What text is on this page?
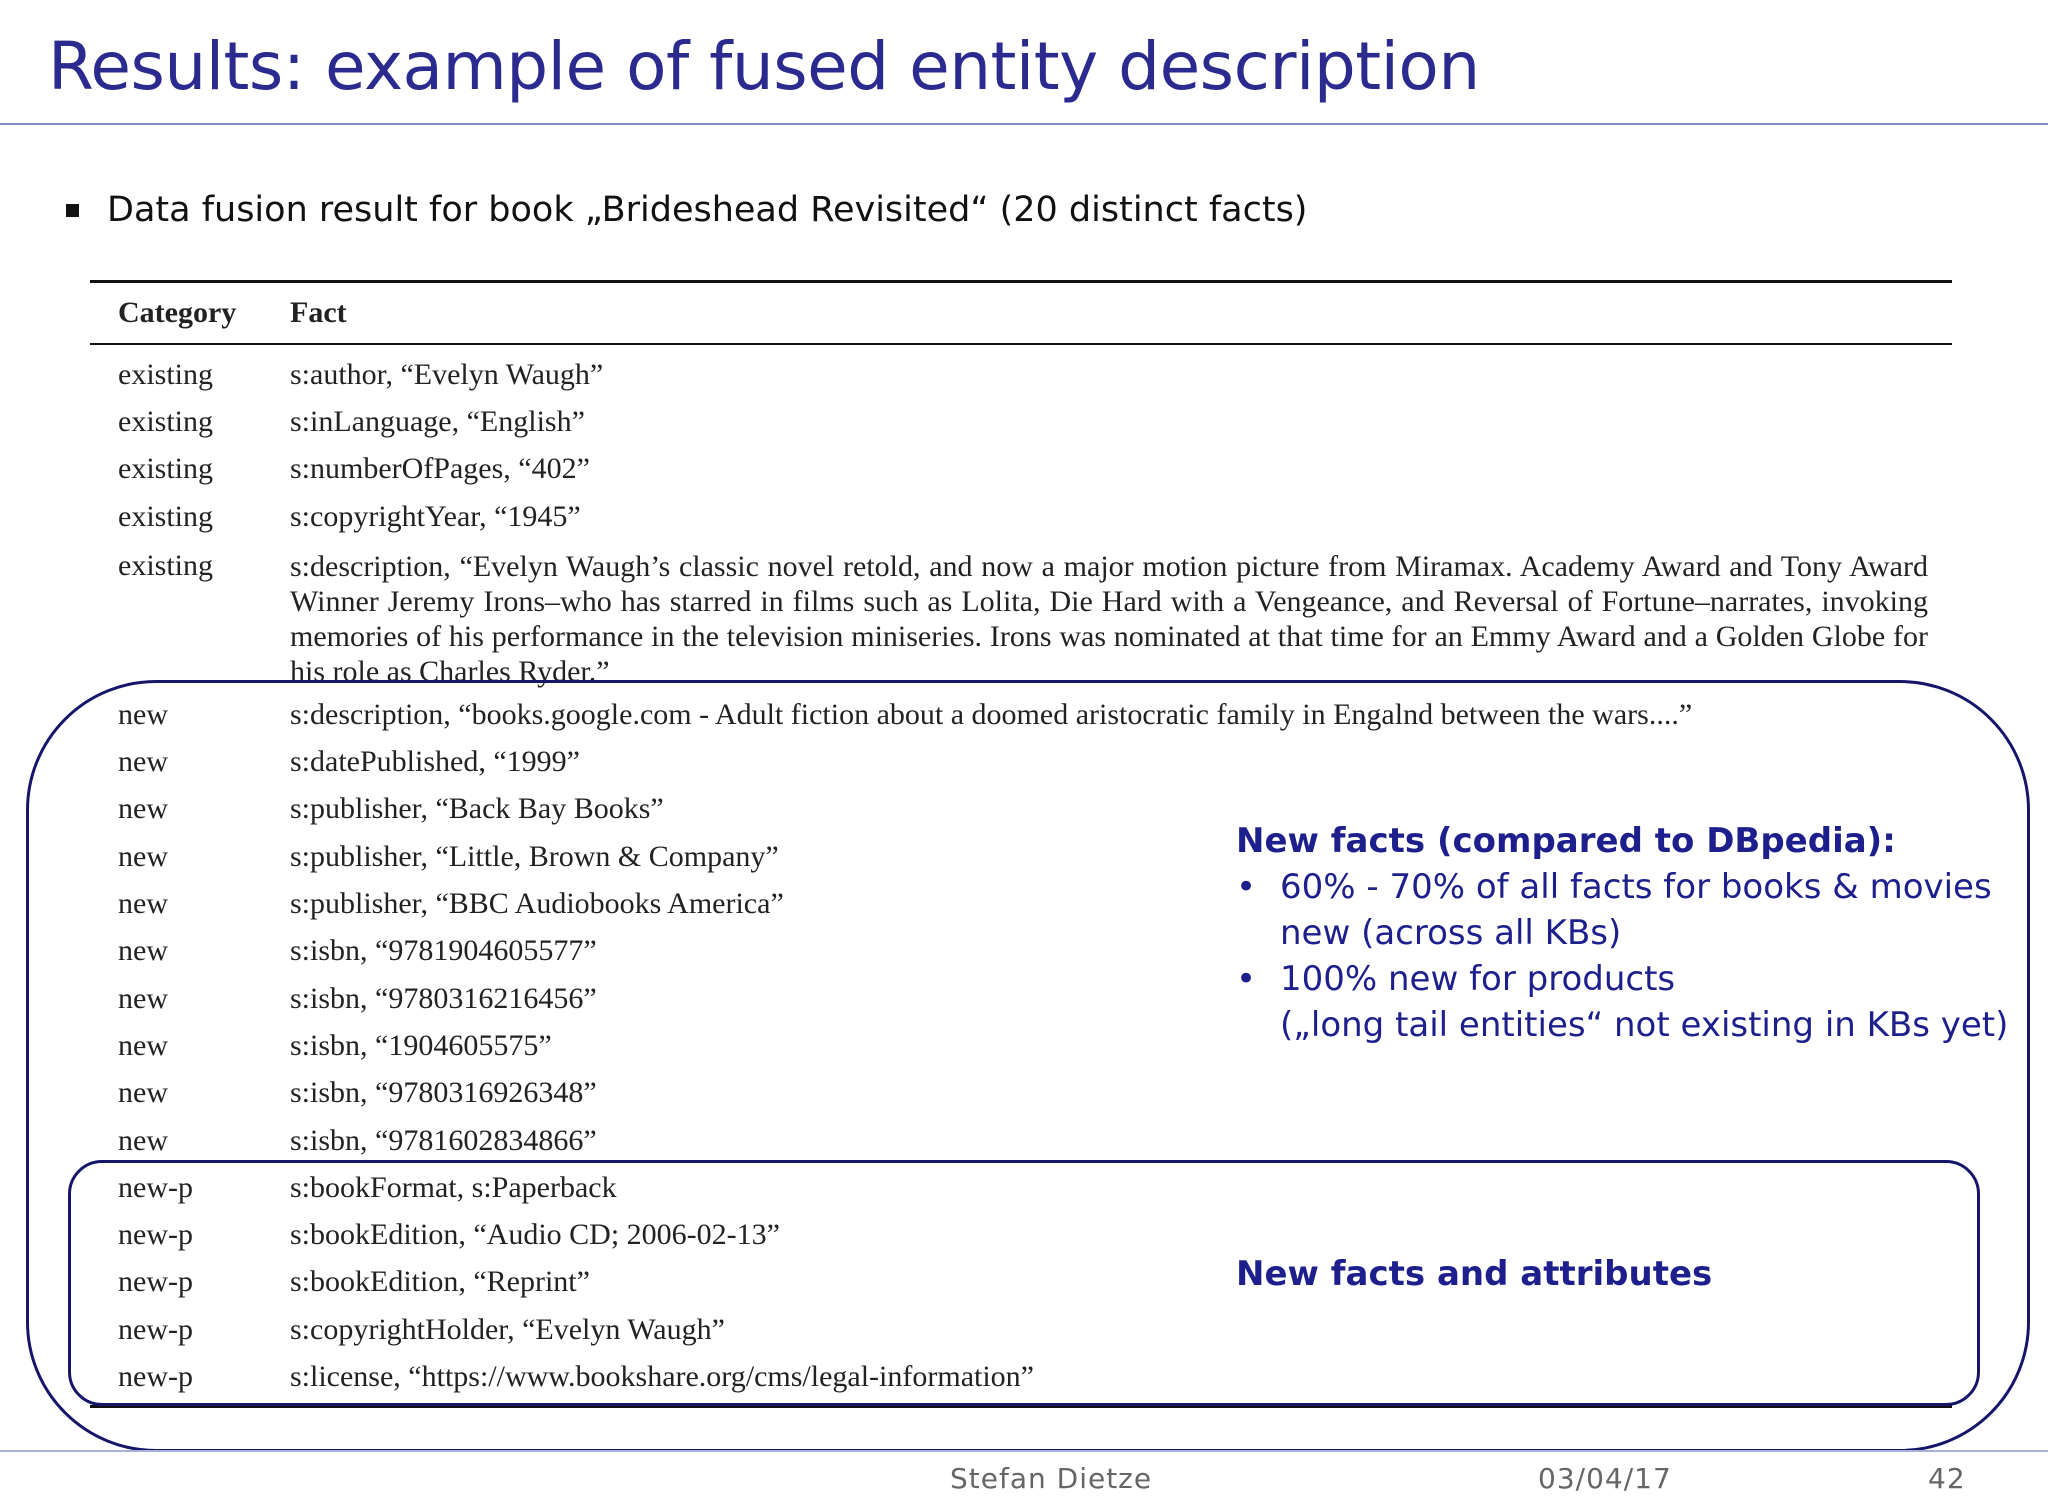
Results: example of fused entity description
Data fusion result for book „Brideshead Revisited“ (20 distinct facts)
Category	Fact
existing	s:author, “Evelyn Waugh”
existing	s:inLanguage, “English”
existing	s:numberOfPages, “402”
existing	s:copyrightYear, “1945”
existing	s:description, “Evelyn Waugh’s classic novel retold, and now a major motion picture from Miramax. Academy Award and Tony Award Winner Jeremy Irons–who has starred in films such as Lolita, Die Hard with a Vengeance, and Reversal of Fortune–narrates, invoking memories of his performance in the television miniseries. Irons was nominated at that time for an Emmy Award and a Golden Globe for his role as Charles Ryder.”
new	s:description, “books.google.com - Adult fiction about a doomed aristocratic family in Engalnd between the wars....”
new	s:datePublished, “1999”
new	s:publisher, “Back Bay Books”
new	s:publisher, “Little, Brown & Company”
new	s:publisher, “BBC Audiobooks America”
new	s:isbn, “9781904605577”
new	s:isbn, “9780316216456”
new	s:isbn, “1904605575”
new	s:isbn, “9780316926348”
new	s:isbn, “9781602834866”
new-p	s:bookFormat, s:Paperback
new-p	s:bookEdition, “Audio CD; 2006-02-13”
new-p	s:bookEdition, “Reprint”
new-p	s:copyrightHolder, “Evelyn Waugh”
new-p	s:license, “https://www.bookshare.org/cms/legal-information”
New facts (compared to DBpedia):
• 60% - 70% of all facts for books & movies
new (across all KBs)
• 100% new for products
(„long tail entities“ not existing in KBs yet)
New facts and attributes
Stefan Dietze	03/04/17	42
